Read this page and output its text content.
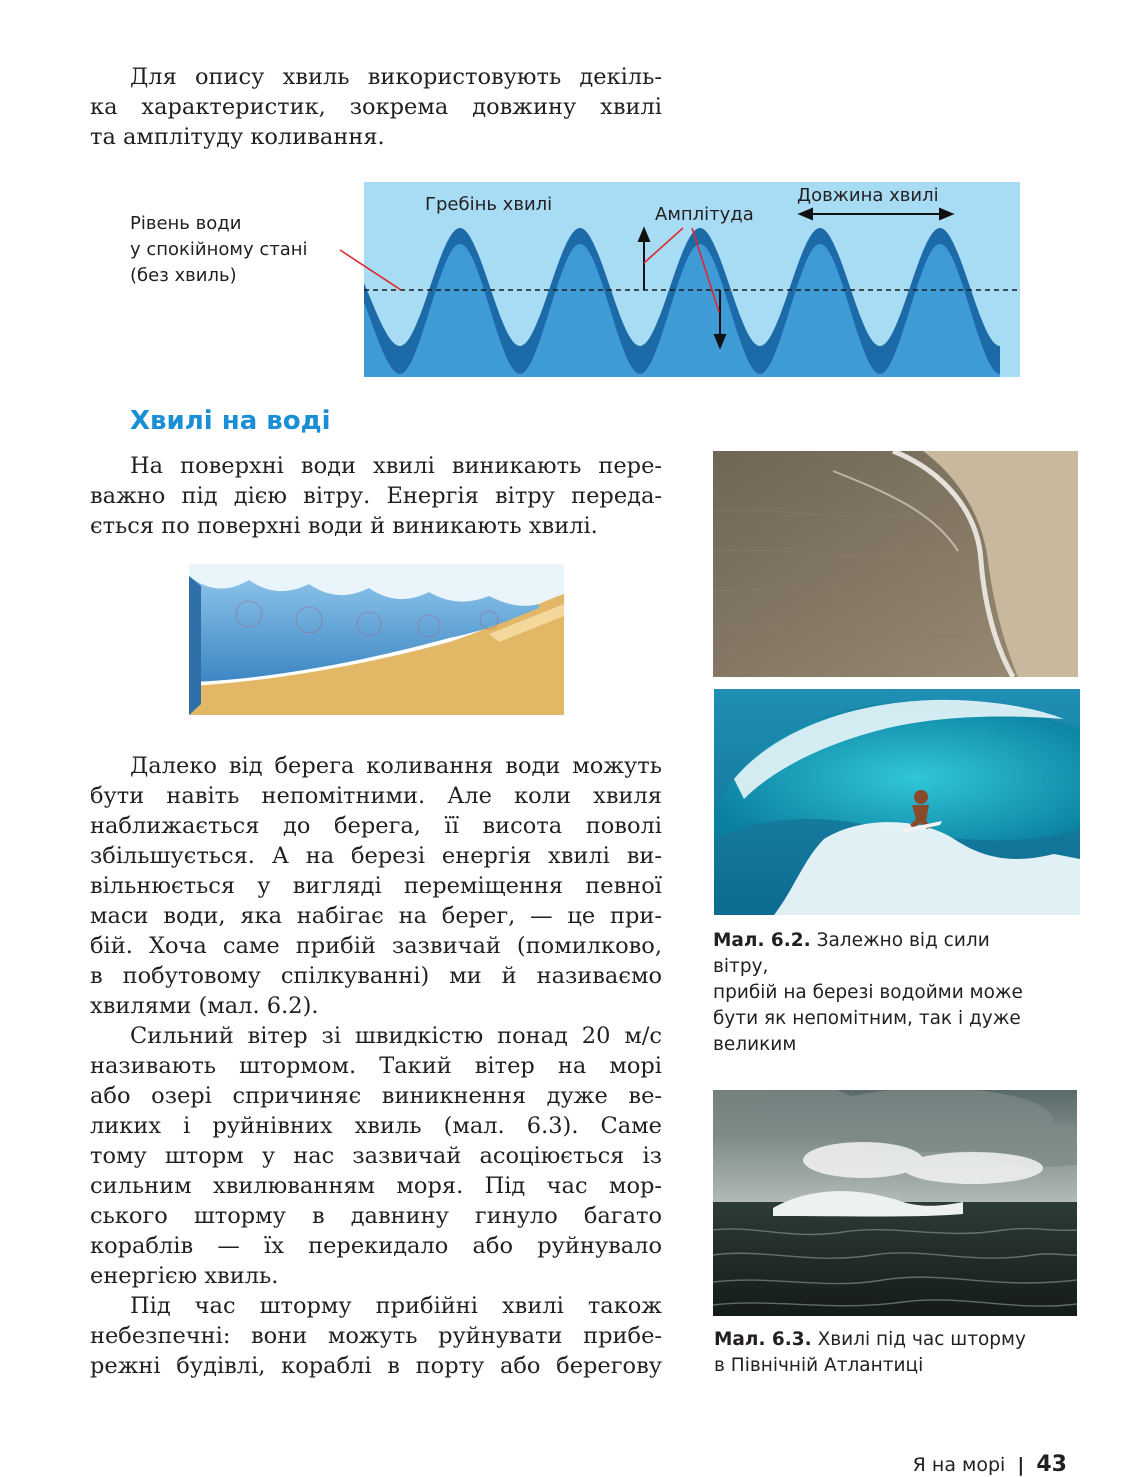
Для опису хвиль використовують декіль-
ка характеристик, зокрема довжину хвилі
та амплітуду коливання.
Рівень води
у спокійному стані
(без хвиль)
Гребінь хвилі	Амплітуда
Довжина хвилі
Хвилі на воді
На поверхні води хвилі виникають пере-
важно під дією вітру. Енергія вітру переда-
ється по поверхні води й виникають хвилі.
Далеко від берега коливання води можуть
бути навіть непомітними. Але коли хвиля
наближається до берега, її висота поволі
збільшується. А на березі енергія хвилі ви-
вільнюється у вигляді переміщення певної
маси води, яка набігає на берег, — це при-
бій. Хоча саме прибій зазвичай (помилково,
в побутовому спілкуванні) ми й називаємо
хвилями (мал. 6.2).
Сильний вітер зі швидкістю понад 20 м/с
називають штормом. Такий вітер на морі
або озері спричиняє виникнення дуже ве-
ликих і руйнівних хвиль (мал. 6.3). Саме
тому шторм у нас зазвичай асоціюється із
сильним хвилюванням моря. Під час мор-
ського шторму в давнину гинуло багато
кораблів — їх перекидало або руйнувало
енергією хвиль.
Під час шторму прибійні хвилі також
небезпечні: вони можуть руйнувати прибе-
режні будівлі, кораблі в порту або берегову
Мал. 6.2. Залежно від сили вітру,
прибій на березі водойми може
бути як непомітним, так і дуже
великим
Мал. 6.3. Хвилі під час шторму
в Північній Атлантиці
Я на морі | 43
